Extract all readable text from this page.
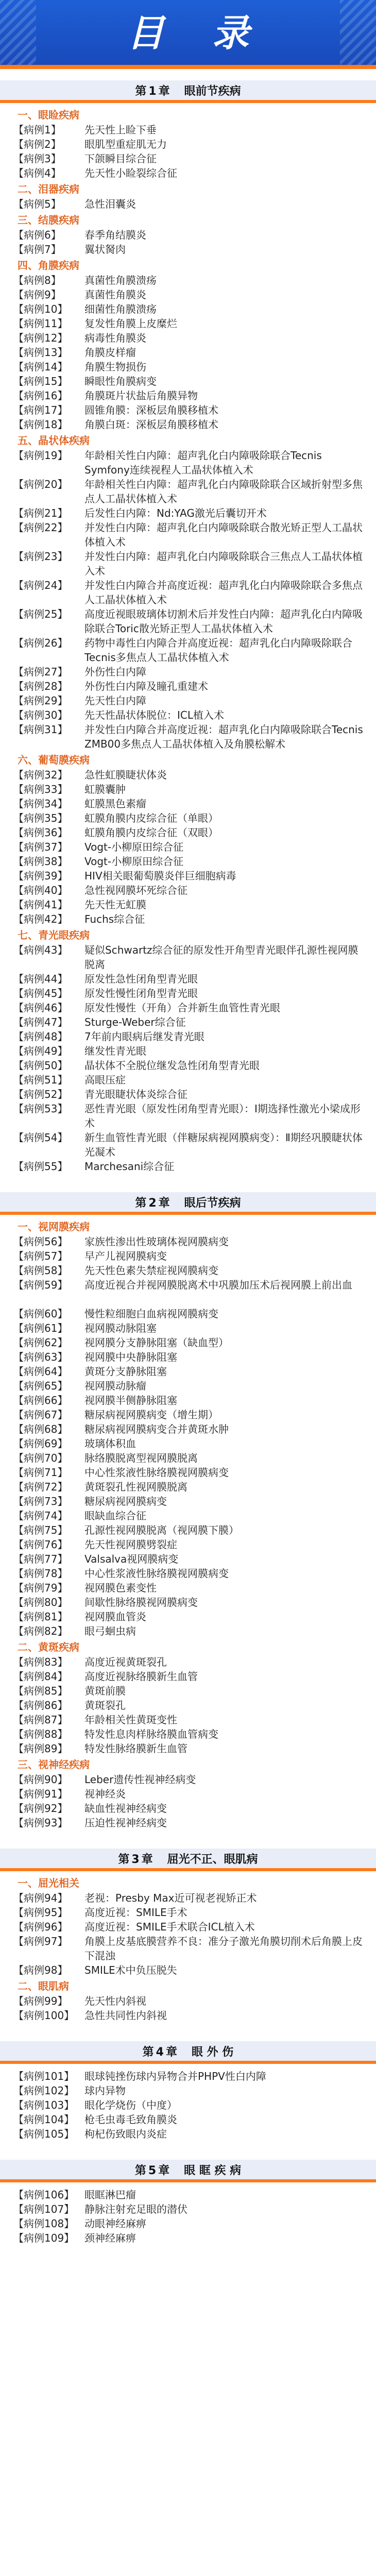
目 录
第1章 眼前节疾病
一、眼睑疾病
【病例1】 先天性上睑下垂
【病例2】 眼肌型重症肌无力
【病例3】 下颌瞬目综合征
【病例4】 先天性小睑裂综合征
二、泪器疾病
【病例5】 急性泪囊炎
三、结膜疾病
【病例6】 春季角结膜炎
【病例7】 翼状胬肉
四、角膜疾病
【病例8】 真菌性角膜溃疡
【病例9】 真菌性角膜炎
【病例10】 细菌性角膜溃疡
【病例11】 复发性角膜上皮糜烂
【病例12】 病毒性角膜炎
【病例13】 角膜皮样瘤
【病例14】 角膜生物损伤
【病例15】 瞬眼性角膜病变
【病例16】 角膜斑片状盐后角膜异物
【病例17】 圆锥角膜：深板层角膜移植术
【病例18】 角膜白斑：深板层角膜移植术
五、晶状体疾病
【病例19】 年龄相关性白内障：超声乳化白内障吸除联合Tecnis Symfony连续视程人工晶状体植入术
【病例20】 年龄相关性白内障：超声乳化白内障吸除联合区域折射型多焦点人工晶状体植入术
【病例21】 后发性白内障：Nd:YAG激光后囊切开术
【病例22】 并发性白内障：超声乳化白内障吸除联合散光矫正型人工晶状体植入术
【病例23】 并发性白内障：超声乳化白内障吸除联合三焦点人工晶状体植入术
【病例24】 并发性白内障合并高度近视：超声乳化白内障吸除联合多焦点人工晶状体植入术
【病例25】 高度近视眼玻璃体切割术后并发性白内障：超声乳化白内障吸除联合Toric散光矫正型人工晶状体植入术
【病例26】 药物中毒性白内障合并高度近视：超声乳化白内障吸除联合Tecnis多焦点人工晶状体植入术
【病例27】 外伤性白内障
【病例28】 外伤性白内障及瞳孔重建术
【病例29】 先天性白内障
【病例30】 先天性晶状体脱位：ICL植入术
【病例31】 并发性白内障合并高度近视：超声乳化白内障吸除联合Tecnis ZMB00多焦点人工晶状体植入及角膜松解术
六、葡萄膜疾病
【病例32】 急性虹膜睫状体炎
【病例33】 虹膜囊肿
【病例34】 虹膜黑色素瘤
【病例35】 虹膜角膜内皮综合征（单眼）
【病例36】 虹膜角膜内皮综合征（双眼）
【病例37】 Vogt-小柳原田综合征
【病例38】 Vogt-小柳原田综合征
【病例39】 HIV相关眼葡萄膜炎伴巨细胞病毒
【病例40】 急性视网膜坏死综合征
【病例41】 先天性无虹膜
【病例42】 Fuchs综合征
七、青光眼疾病
【病例43】 疑似Schwartz综合征的原发性开角型青光眼伴孔源性视网膜脱离
【病例44】 原发性急性闭角型青光眼
【病例45】 原发性慢性闭角型青光眼
【病例46】 原发性慢性（开角）合并新生血管性青光眼
【病例47】 Sturge-Weber综合征
【病例48】 7年前内眼病后继发青光眼
【病例49】 继发性青光眼
【病例50】 晶状体不全脱位继发急性闭角型青光眼
【病例51】 高眼压症
【病例52】 青光眼睫状体炎综合征
【病例53】 恶性青光眼（原发性闭角型青光眼）：Ⅰ期选择性激光小梁成形术
【病例54】 新生血管性青光眼（伴糖尿病视网膜病变）：Ⅱ期经巩膜睫状体光凝术
【病例55】 Marchesani综合征
第2章 眼后节疾病
一、视网膜疾病
【病例56】 家族性渗出性玻璃体视网膜病变
【病例57】 早产儿视网膜病变
【病例58】 先天性色素失禁症视网膜病变
【病例59】 高度近视合并视网膜脱离术中巩膜加压术后视网膜上前出血
【病例60】 慢性粒细胞白血病视网膜病变
【病例61】 视网膜动脉阻塞
【病例62】 视网膜分支静脉阻塞（缺血型）
【病例63】 视网膜中央静脉阻塞
【病例64】 黄斑分支静脉阻塞
【病例65】 视网膜动脉瘤
【病例66】 视网膜半侧静脉阻塞
【病例67】 糖尿病视网膜病变（增生期）
【病例68】 糖尿病视网膜病变合并黄斑水肿
【病例69】 玻璃体积血
【病例70】 脉络膜脱离型视网膜脱离
【病例71】 中心性浆液性脉络膜视网膜病变
【病例72】 黄斑裂孔性视网膜脱离
【病例73】 糖尿病视网膜病变
【病例74】 眼缺血综合征
【病例75】 孔源性视网膜脱离（视网膜下膜）
【病例76】 先天性视网膜劈裂症
【病例77】 Valsalva视网膜病变
【病例78】 中心性浆液性脉络膜视网膜病变
【病例79】 视网膜色素变性
【病例80】 间歇性脉络膜视网膜病变
【病例81】 视网膜血管炎
【病例82】 眼弓蛔虫病
二、黄斑疾病
【病例83】 高度近视黄斑裂孔
【病例84】 高度近视脉络膜新生血管
【病例85】 黄斑前膜
【病例86】 黄斑裂孔
【病例87】 年龄相关性黄斑变性
【病例88】 特发性息肉样脉络膜血管病变
【病例89】 特发性脉络膜新生血管
三、视神经疾病
【病例90】 Leber遗传性视神经病变
【病例91】 视神经炎
【病例92】 缺血性视神经病变
【病例93】 压迫性视神经病变
第3章 屈光不正、眼肌病
一、屈光相关
【病例94】 老视：Presby Max近可视老视矫正术
【病例95】 高度近视：SMILE手术
【病例96】 高度近视：SMILE手术联合ICL植入术
【病例97】 角膜上皮基底膜营养不良：准分子激光角膜切削术后角膜上皮下混浊
【病例98】 SMILE术中负压脱失
二、眼肌病
【病例99】 先天性内斜视
【病例100】 急性共同性内斜视
第4章 眼 外 伤
【病例101】 眼球钝挫伤球内异物合并PHPV性白内障
【病例102】 球内异物
【病例103】 眼化学烧伤（中度）
【病例104】 枪毛虫毒毛致角膜炎
【病例105】 枸杞伤致眼内炎症
第5章 眼 眶 疾 病
【病例106】 眼眶淋巴瘤
【病例107】 静脉注射充足眼的潜伏
【病例108】 动眼神经麻痹
【病例109】 颈神经麻痹
